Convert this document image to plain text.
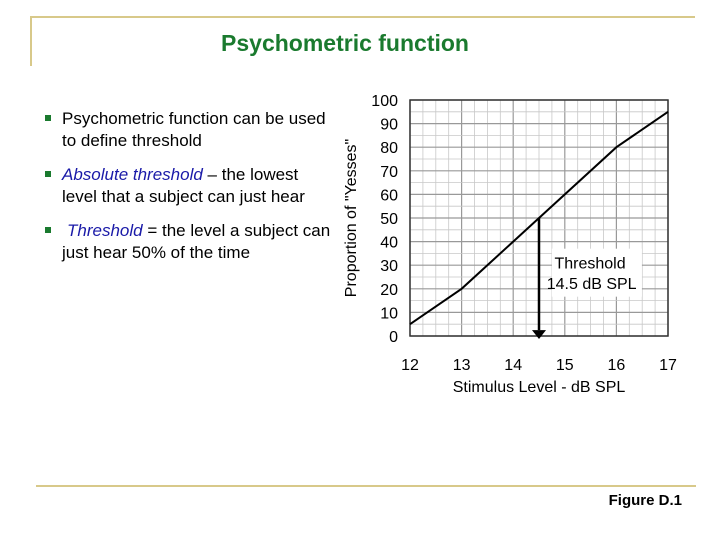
Psychometric function
Psychometric function can be used to define threshold
Absolute threshold – the lowest level that a subject can just hear
Threshold = the level a subject can just hear 50% of the time
0
10
20
30
40
50
60
70
80
90
100
12 13 14 15 16 17
Stimulus Level - dB SPL
Proportion of "Yesses"	Threshold
14.5 dB SPL
Figure D.1
